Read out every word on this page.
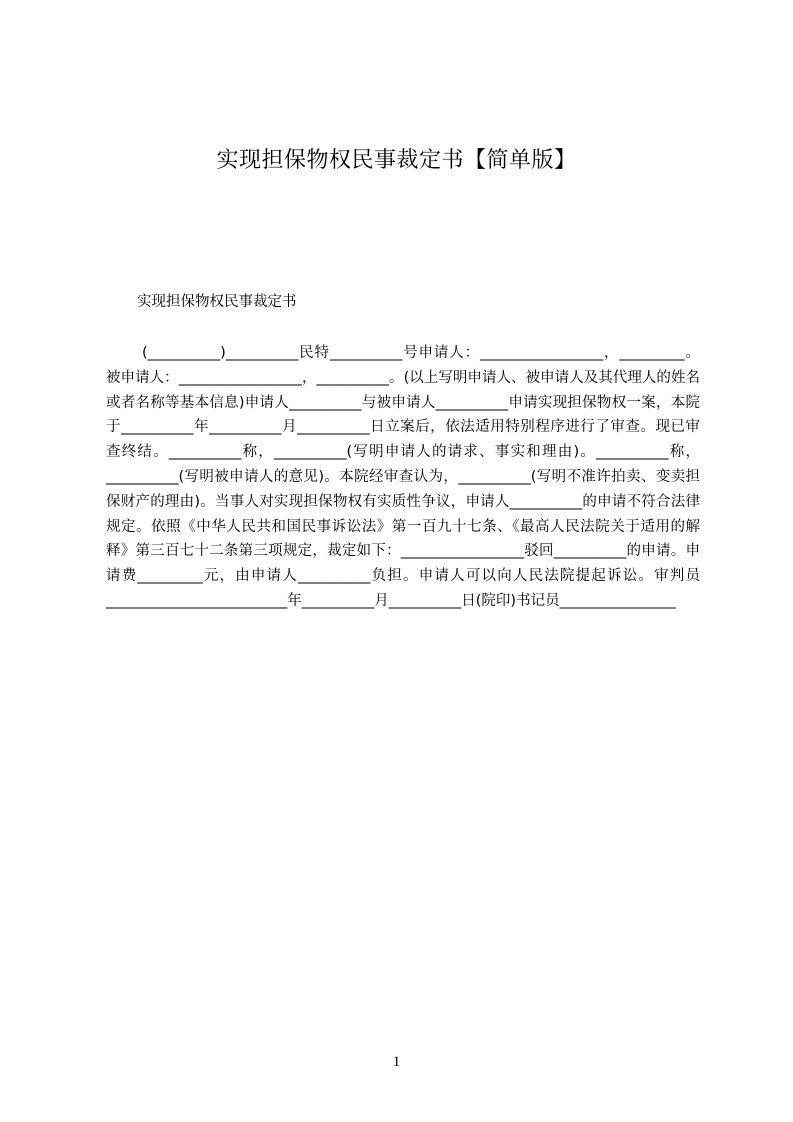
实现担保物权民事裁定书【简单版】

实现担保物权民事裁定书

(__________)__________民特__________号申请人：_________________，_________。被申请人：_________________，__________。(以上写明申请人、被申请人及其代理人的姓名或者名称等基本信息)申请人__________与被申请人__________申请实现担保物权一案，本院于__________年__________月__________日立案后，依法适用特别程序进行了审查。现已审查终结。__________称，__________(写明申请人的请求、事实和理由)。__________称，__________(写明被申请人的意见)。本院经审查认为，__________(写明不准许拍卖、变卖担保财产的理由)。当事人对实现担保物权有实质性争议，申请人__________的申请不符合法律规定。依照《中华人民共和国民事诉讼法》第一百九十七条、《最高人民法院关于适用的解释》第三百七十二条第三项规定，裁定如下：_________________驳回__________的申请。申请费_________元，由申请人__________负担。申请人可以向人民法院提起诉讼。审判员_________________________年__________月__________日(院印)书记员________________

1
